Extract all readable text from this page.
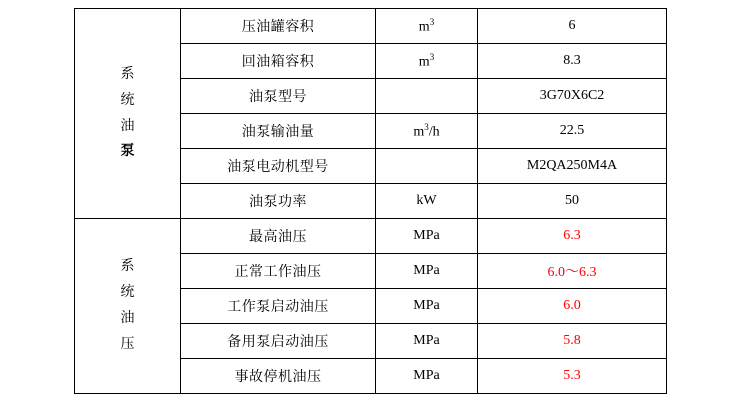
系
统
油
泵	压油罐容积	$m^3$	6
	回油箱容积	$m^3$	8.3
	油泵型号		3G70X6C2
	油泵输油量	$m^3/h$	22.5
	油泵电动机型号		M2QA250M4A
	油泵功率	kW	50

系
统
油
压	最高油压	MPa	6.3
	正常工作油压	MPa	6.0～6.3
	工作泵启动油压	MPa	6.0
	备用泵启动油压	MPa	5.8
	事故停机油压	MPa	5.3
